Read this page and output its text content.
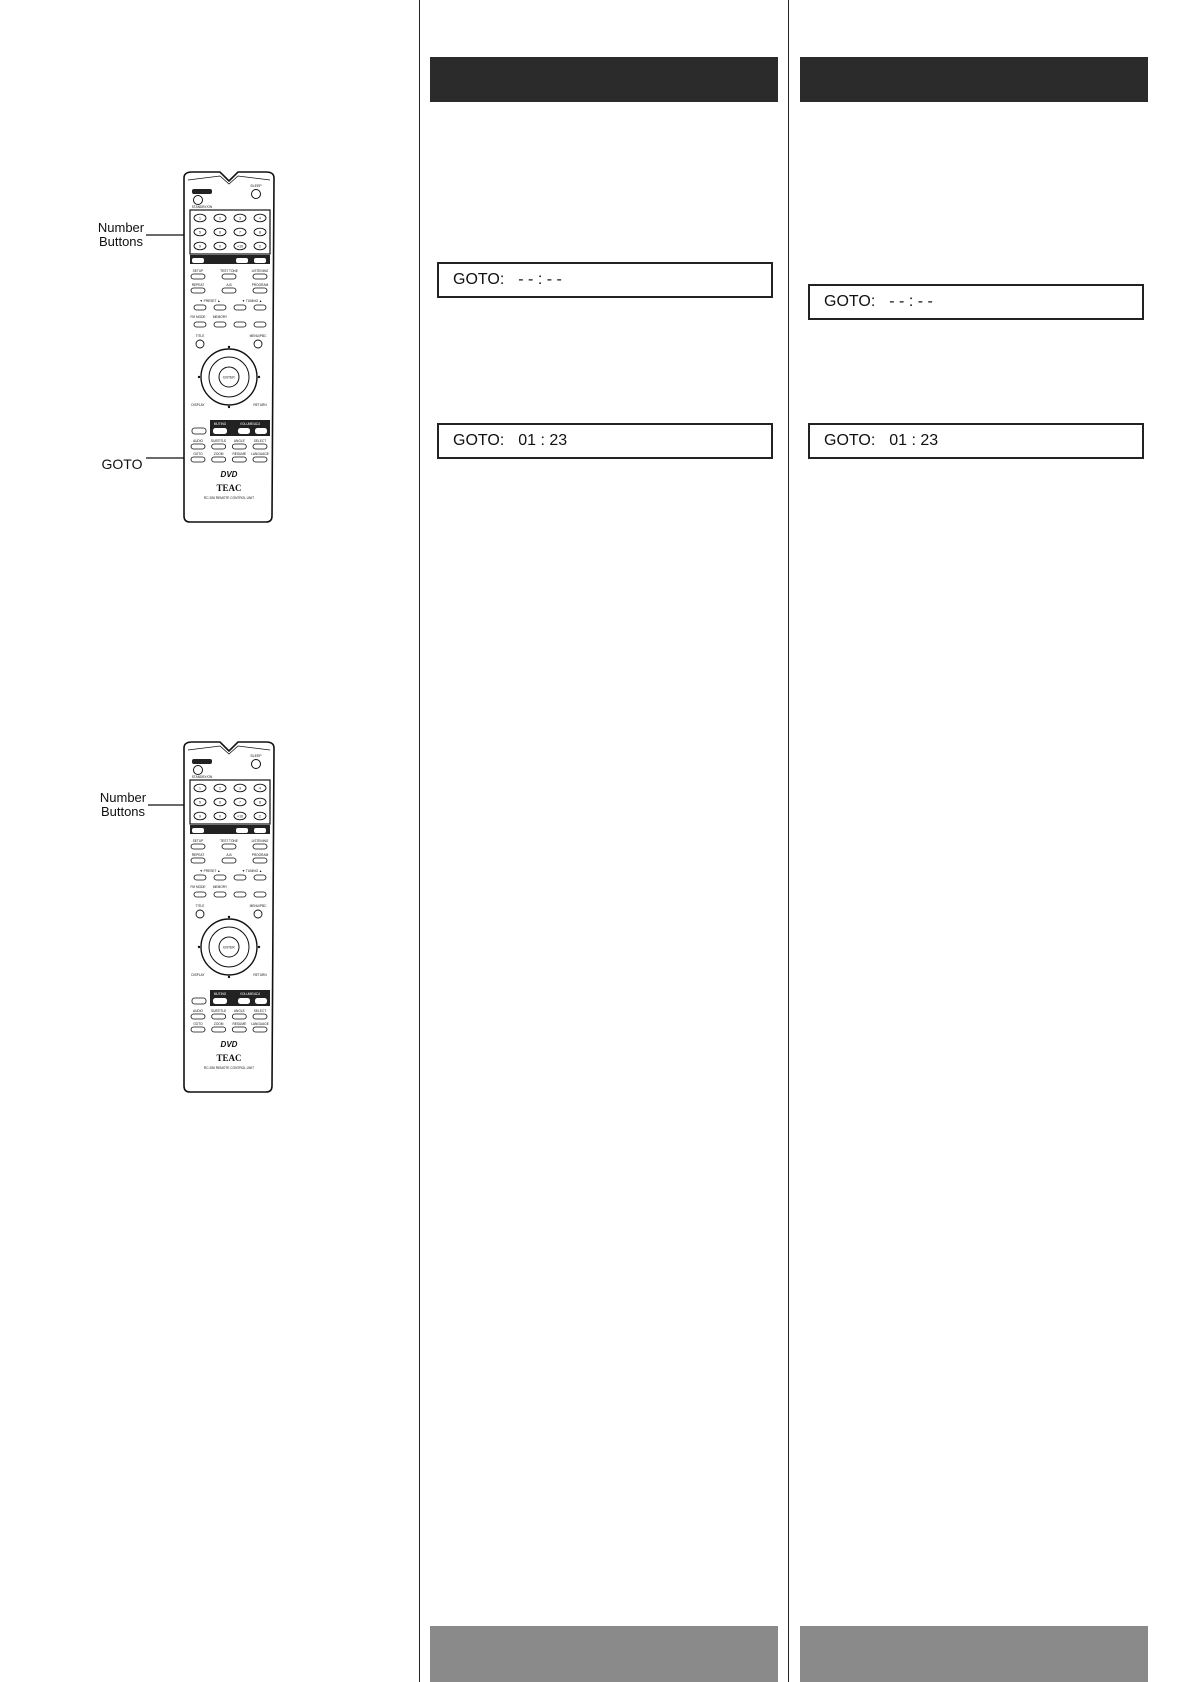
GOTO: - - : - -
GOTO: 01 : 23
GOTO: - - : - -
GOTO: 01 : 23
Number
Buttons
GOTO
Number
Buttons
SLEEP
STANDBY/ON
1	2	3	4
5	6	7	8
9	0	+10	C
SETUP	TEST TONE	LISTENING
REPEAT	A-B	PROGRAM
▼ PRESET ▲	▼ TUNING ▲
FM MODE MEMORY
TITLE	MENU/PBC
ENTER
DISPLAY	RETURN
MUTING	VOLUME/ADJ
AUDIO SUBTITLE ANGLE	SELECT
GOTO	ZOOM	RESUME LANGUAGE
DVD
TEAC
RC-926 REMOTE CONTROL UNIT
SLEEP
STANDBY/ON
1	2	3	4
5	6	7	8
9	0	+10	C
SETUP	TEST TONE	LISTENING
REPEAT	A-B	PROGRAM
▼ PRESET ▲	▼ TUNING ▲
FM MODE MEMORY
TITLE	MENU/PBC
ENTER
DISPLAY	RETURN
MUTING	VOLUME/ADJ
AUDIO SUBTITLE ANGLE	SELECT
GOTO	ZOOM	RESUME LANGUAGE
DVD
TEAC
RC-926 REMOTE CONTROL UNIT
